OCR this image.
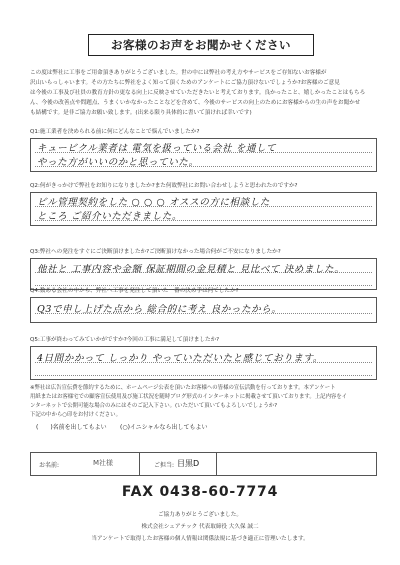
お客様のお声をお聞かせください
この度は弊社に工事をご用命頂きありがとうございました。世の中には弊社の考え方やサービスをご存知ないお客様が
沢山いらっしゃいます。その方たちに弊社をよく知って頂くためのアンケートにご協力頂けないでしょうか?お客様のご意見
は今後の工事及び社員の教育方針の更なる向上に反映させていただきたいと考えております。良かったこと、嬉しかったことはもちろ
ん、今後の改善点や問題点、うまくいかなかったことなどを含めて、今後のサービスの向上のためにお客様からの生の声をお聞かせ
も結構です。是非ご協力お願い致します。(出来る限り具体的に書いて頂ければ幸いです)
Q1:施工業者を決められる前に何にどんなことで悩んでいましたか?
キュービクル業者は 電気を扱っている会社 を通して
やった方がいいのかと思っていた。
Q2:何がきっかけで弊社をお知りになりましたか?また何故弊社にお問い合わせしようと思われたのですか?
ビル管理契約をした ○ ○ ○ オススの方に相談した
ところ ご紹介いただきました。
Q3:弊社への発注をすぐにご決断頂けましたか?ご決断頂けなかった場合何がご不安になりましたか?
他社と 工事内容や金額 保証期間の金見積と 見比べて 決めました。
Q4:数ある会社の中から、弊社へ工事を発注して頂いた一番の決め手は何でしたか?
Q3で申し上げた点から 総合的に考え 良かったから。
Q5:工事が終わってみていかがですか?今回の工事に満足して頂けましたか?
4日間かかって しっかり やっていただいたと感じております。
※弊社は広告宣伝費を節約するために、ホームページ公表を頂いたお客様への皆様の宣伝活動を行っております。本アンケート
用紙またはお客様宅での顧客宣伝使用及び施工状況を随時ブログ形式のインターネットに掲載させて頂いております。上記内容をイ
ンターネットで公開可能な場合のみにはそのご記入下さい。(いただいて頂いてもよろしいでしょうか?
下記の中から○印をお付けください。
(　　)名前を出してもよい (○)イニシャルなら出してもよい
お名前:	M社様	ご担当: 目黒D
FAX 0438-60-7774
ご協力ありがとうございました。
株式会社シェアテック 代表取締役 大久保 誠二
当アンケートで取得したお客様の個人情報は関係法規に基づき適正に管理いたします。
